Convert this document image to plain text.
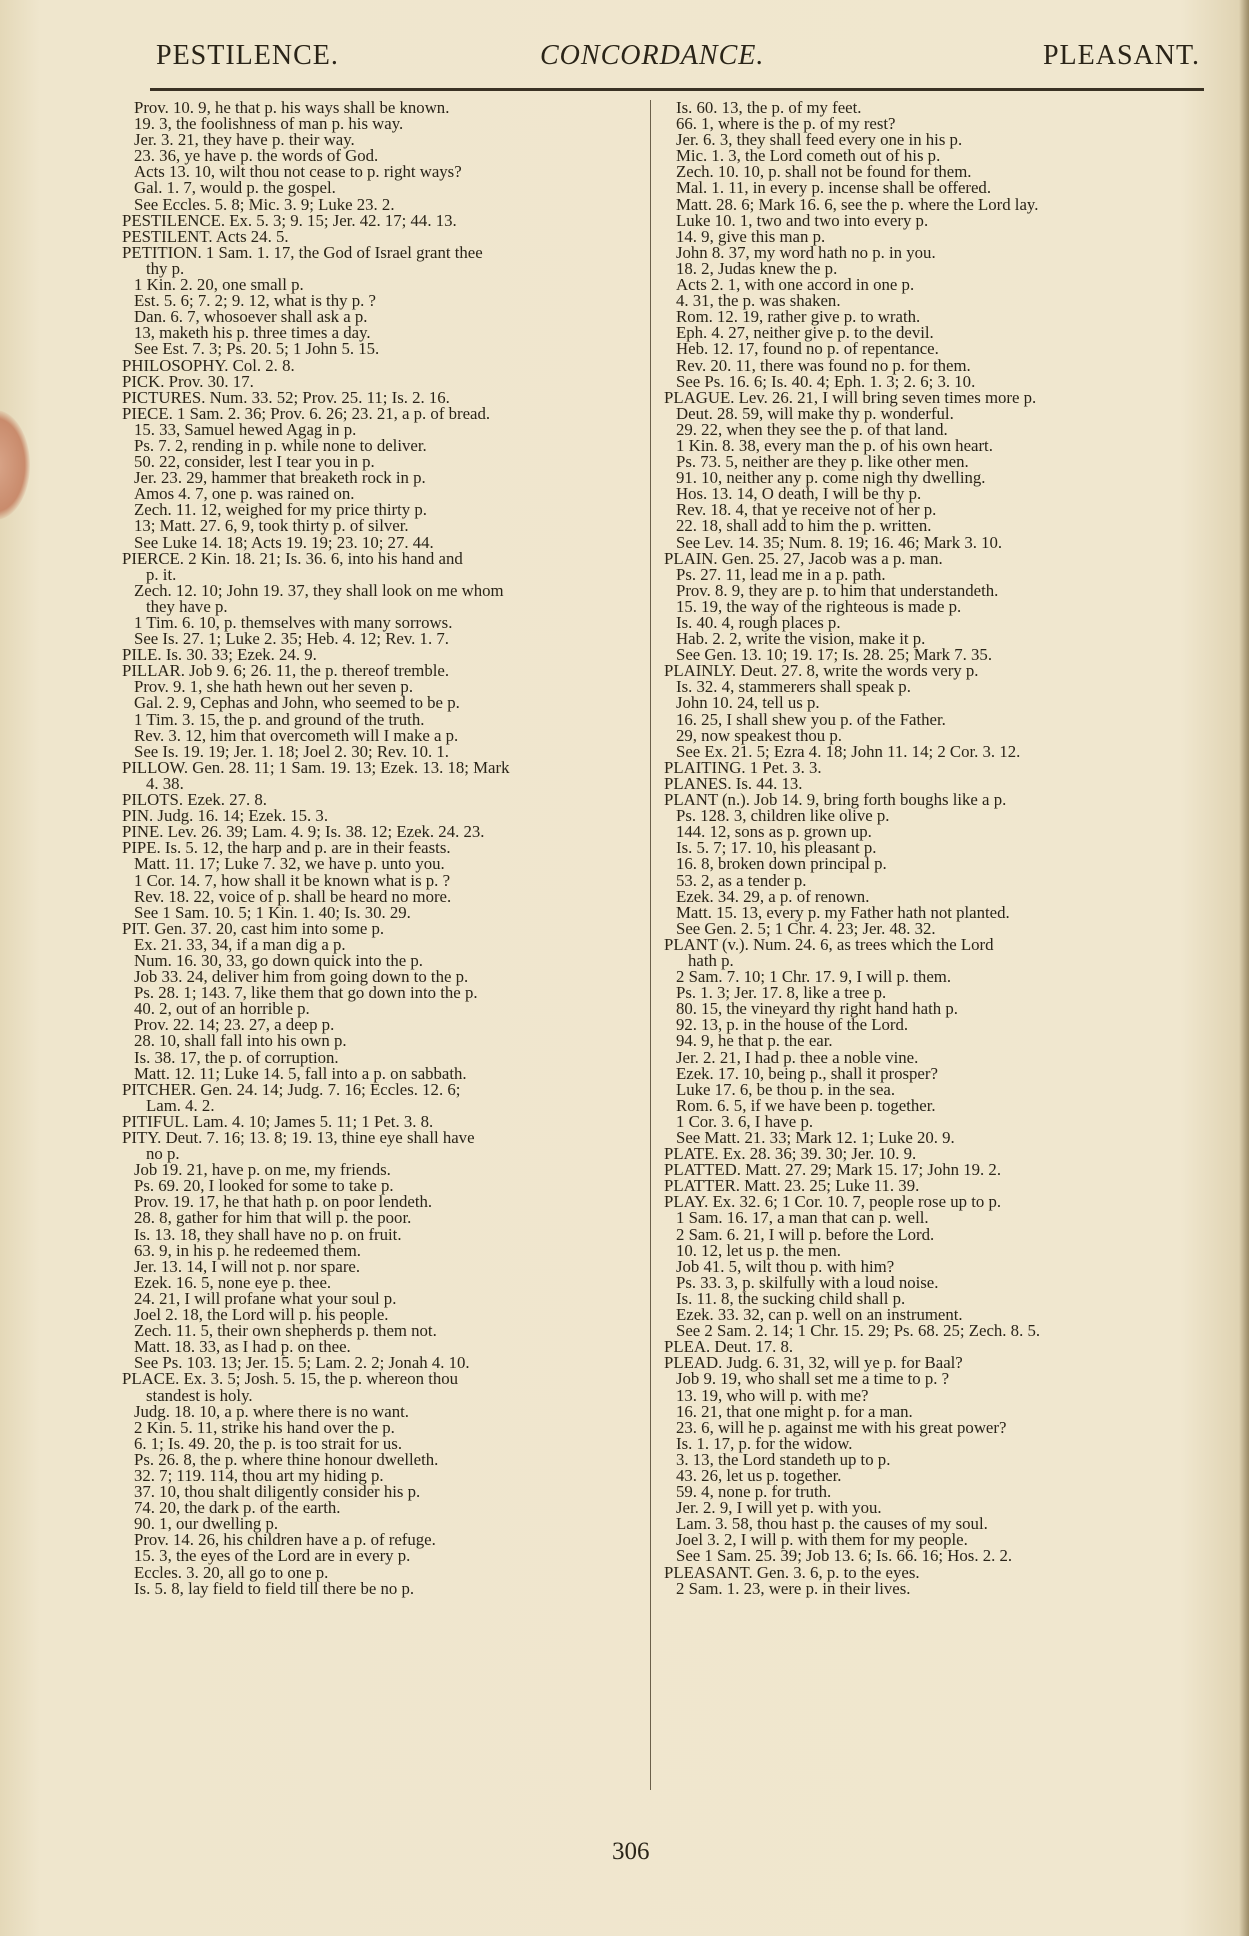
PESTILENCE.	CONCORDANCE.	PLEASANT.
Prov. 10. 9, he that p. his ways shall be known.
19. 3, the foolishness of man p. his way.
Jer. 3. 21, they have p. their way.
23. 36, ye have p. the words of God.
Acts 13. 10, wilt thou not cease to p. right ways?
Gal. 1. 7, would p. the gospel.
See Eccles. 5. 8; Mic. 3. 9; Luke 23. 2.
PESTILENCE. Ex. 5. 3; 9. 15; Jer. 42. 17; 44. 13.
PESTILENT. Acts 24. 5.
PETITION. 1 Sam. 1. 17, the God of Israel grant thee
thy p.
1 Kin. 2. 20, one small p.
Est. 5. 6; 7. 2; 9. 12, what is thy p. ?
Dan. 6. 7, whosoever shall ask a p.
13, maketh his p. three times a day.
See Est. 7. 3; Ps. 20. 5; 1 John 5. 15.
PHILOSOPHY. Col. 2. 8.
PICK. Prov. 30. 17.
PICTURES. Num. 33. 52; Prov. 25. 11; Is. 2. 16.
PIECE. 1 Sam. 2. 36; Prov. 6. 26; 23. 21, a p. of bread.
15. 33, Samuel hewed Agag in p.
Ps. 7. 2, rending in p. while none to deliver.
50. 22, consider, lest I tear you in p.
Jer. 23. 29, hammer that breaketh rock in p.
Amos 4. 7, one p. was rained on.
Zech. 11. 12, weighed for my price thirty p.
13; Matt. 27. 6, 9, took thirty p. of silver.
See Luke 14. 18; Acts 19. 19; 23. 10; 27. 44.
PIERCE. 2 Kin. 18. 21; Is. 36. 6, into his hand and
p. it.
Zech. 12. 10; John 19. 37, they shall look on me whom
they have p.
1 Tim. 6. 10, p. themselves with many sorrows.
See Is. 27. 1; Luke 2. 35; Heb. 4. 12; Rev. 1. 7.
PILE. Is. 30. 33; Ezek. 24. 9.
PILLAR. Job 9. 6; 26. 11, the p. thereof tremble.
Prov. 9. 1, she hath hewn out her seven p.
Gal. 2. 9, Cephas and John, who seemed to be p.
1 Tim. 3. 15, the p. and ground of the truth.
Rev. 3. 12, him that overcometh will I make a p.
See Is. 19. 19; Jer. 1. 18; Joel 2. 30; Rev. 10. 1.
PILLOW. Gen. 28. 11; 1 Sam. 19. 13; Ezek. 13. 18; Mark
4. 38.
PILOTS. Ezek. 27. 8.
PIN. Judg. 16. 14; Ezek. 15. 3.
PINE. Lev. 26. 39; Lam. 4. 9; Is. 38. 12; Ezek. 24. 23.
PIPE. Is. 5. 12, the harp and p. are in their feasts.
Matt. 11. 17; Luke 7. 32, we have p. unto you.
1 Cor. 14. 7, how shall it be known what is p. ?
Rev. 18. 22, voice of p. shall be heard no more.
See 1 Sam. 10. 5; 1 Kin. 1. 40; Is. 30. 29.
PIT. Gen. 37. 20, cast him into some p.
Ex. 21. 33, 34, if a man dig a p.
Num. 16. 30, 33, go down quick into the p.
Job 33. 24, deliver him from going down to the p.
Ps. 28. 1; 143. 7, like them that go down into the p.
40. 2, out of an horrible p.
Prov. 22. 14; 23. 27, a deep p.
28. 10, shall fall into his own p.
Is. 38. 17, the p. of corruption.
Matt. 12. 11; Luke 14. 5, fall into a p. on sabbath.
PITCHER. Gen. 24. 14; Judg. 7. 16; Eccles. 12. 6;
Lam. 4. 2.
PITIFUL. Lam. 4. 10; James 5. 11; 1 Pet. 3. 8.
PITY. Deut. 7. 16; 13. 8; 19. 13, thine eye shall have
no p.
Job 19. 21, have p. on me, my friends.
Ps. 69. 20, I looked for some to take p.
Prov. 19. 17, he that hath p. on poor lendeth.
28. 8, gather for him that will p. the poor.
Is. 13. 18, they shall have no p. on fruit.
63. 9, in his p. he redeemed them.
Jer. 13. 14, I will not p. nor spare.
Ezek. 16. 5, none eye p. thee.
24. 21, I will profane what your soul p.
Joel 2. 18, the Lord will p. his people.
Zech. 11. 5, their own shepherds p. them not.
Matt. 18. 33, as I had p. on thee.
See Ps. 103. 13; Jer. 15. 5; Lam. 2. 2; Jonah 4. 10.
PLACE. Ex. 3. 5; Josh. 5. 15, the p. whereon thou
standest is holy.
Judg. 18. 10, a p. where there is no want.
2 Kin. 5. 11, strike his hand over the p.
6. 1; Is. 49. 20, the p. is too strait for us.
Ps. 26. 8, the p. where thine honour dwelleth.
32. 7; 119. 114, thou art my hiding p.
37. 10, thou shalt diligently consider his p.
74. 20, the dark p. of the earth.
90. 1, our dwelling p.
Prov. 14. 26, his children have a p. of refuge.
15. 3, the eyes of the Lord are in every p.
Eccles. 3. 20, all go to one p.
Is. 5. 8, lay field to field till there be no p.
Is. 60. 13, the p. of my feet.
66. 1, where is the p. of my rest?
Jer. 6. 3, they shall feed every one in his p.
Mic. 1. 3, the Lord cometh out of his p.
Zech. 10. 10, p. shall not be found for them.
Mal. 1. 11, in every p. incense shall be offered.
Matt. 28. 6; Mark 16. 6, see the p. where the Lord lay.
Luke 10. 1, two and two into every p.
14. 9, give this man p.
John 8. 37, my word hath no p. in you.
18. 2, Judas knew the p.
Acts 2. 1, with one accord in one p.
4. 31, the p. was shaken.
Rom. 12. 19, rather give p. to wrath.
Eph. 4. 27, neither give p. to the devil.
Heb. 12. 17, found no p. of repentance.
Rev. 20. 11, there was found no p. for them.
See Ps. 16. 6; Is. 40. 4; Eph. 1. 3; 2. 6; 3. 10.
PLAGUE. Lev. 26. 21, I will bring seven times more p.
Deut. 28. 59, will make thy p. wonderful.
29. 22, when they see the p. of that land.
1 Kin. 8. 38, every man the p. of his own heart.
Ps. 73. 5, neither are they p. like other men.
91. 10, neither any p. come nigh thy dwelling.
Hos. 13. 14, O death, I will be thy p.
Rev. 18. 4, that ye receive not of her p.
22. 18, shall add to him the p. written.
See Lev. 14. 35; Num. 8. 19; 16. 46; Mark 3. 10.
PLAIN. Gen. 25. 27, Jacob was a p. man.
Ps. 27. 11, lead me in a p. path.
Prov. 8. 9, they are p. to him that understandeth.
15. 19, the way of the righteous is made p.
Is. 40. 4, rough places p.
Hab. 2. 2, write the vision, make it p.
See Gen. 13. 10; 19. 17; Is. 28. 25; Mark 7. 35.
PLAINLY. Deut. 27. 8, write the words very p.
Is. 32. 4, stammerers shall speak p.
John 10. 24, tell us p.
16. 25, I shall shew you p. of the Father.
29, now speakest thou p.
See Ex. 21. 5; Ezra 4. 18; John 11. 14; 2 Cor. 3. 12.
PLAITING. 1 Pet. 3. 3.
PLANES. Is. 44. 13.
PLANT (n.). Job 14. 9, bring forth boughs like a p.
Ps. 128. 3, children like olive p.
144. 12, sons as p. grown up.
Is. 5. 7; 17. 10, his pleasant p.
16. 8, broken down principal p.
53. 2, as a tender p.
Ezek. 34. 29, a p. of renown.
Matt. 15. 13, every p. my Father hath not planted.
See Gen. 2. 5; 1 Chr. 4. 23; Jer. 48. 32.
PLANT (v.). Num. 24. 6, as trees which the Lord
hath p.
2 Sam. 7. 10; 1 Chr. 17. 9, I will p. them.
Ps. 1. 3; Jer. 17. 8, like a tree p.
80. 15, the vineyard thy right hand hath p.
92. 13, p. in the house of the Lord.
94. 9, he that p. the ear.
Jer. 2. 21, I had p. thee a noble vine.
Ezek. 17. 10, being p., shall it prosper?
Luke 17. 6, be thou p. in the sea.
Rom. 6. 5, if we have been p. together.
1 Cor. 3. 6, I have p.
See Matt. 21. 33; Mark 12. 1; Luke 20. 9.
PLATE. Ex. 28. 36; 39. 30; Jer. 10. 9.
PLATTED. Matt. 27. 29; Mark 15. 17; John 19. 2.
PLATTER. Matt. 23. 25; Luke 11. 39.
PLAY. Ex. 32. 6; 1 Cor. 10. 7, people rose up to p.
1 Sam. 16. 17, a man that can p. well.
2 Sam. 6. 21, I will p. before the Lord.
10. 12, let us p. the men.
Job 41. 5, wilt thou p. with him?
Ps. 33. 3, p. skilfully with a loud noise.
Is. 11. 8, the sucking child shall p.
Ezek. 33. 32, can p. well on an instrument.
See 2 Sam. 2. 14; 1 Chr. 15. 29; Ps. 68. 25; Zech. 8. 5.
PLEA. Deut. 17. 8.
PLEAD. Judg. 6. 31, 32, will ye p. for Baal?
Job 9. 19, who shall set me a time to p. ?
13. 19, who will p. with me?
16. 21, that one might p. for a man.
23. 6, will he p. against me with his great power?
Is. 1. 17, p. for the widow.
3. 13, the Lord standeth up to p.
43. 26, let us p. together.
59. 4, none p. for truth.
Jer. 2. 9, I will yet p. with you.
Lam. 3. 58, thou hast p. the causes of my soul.
Joel 3. 2, I will p. with them for my people.
See 1 Sam. 25. 39; Job 13. 6; Is. 66. 16; Hos. 2. 2.
PLEASANT. Gen. 3. 6, p. to the eyes.
2 Sam. 1. 23, were p. in their lives.
306
